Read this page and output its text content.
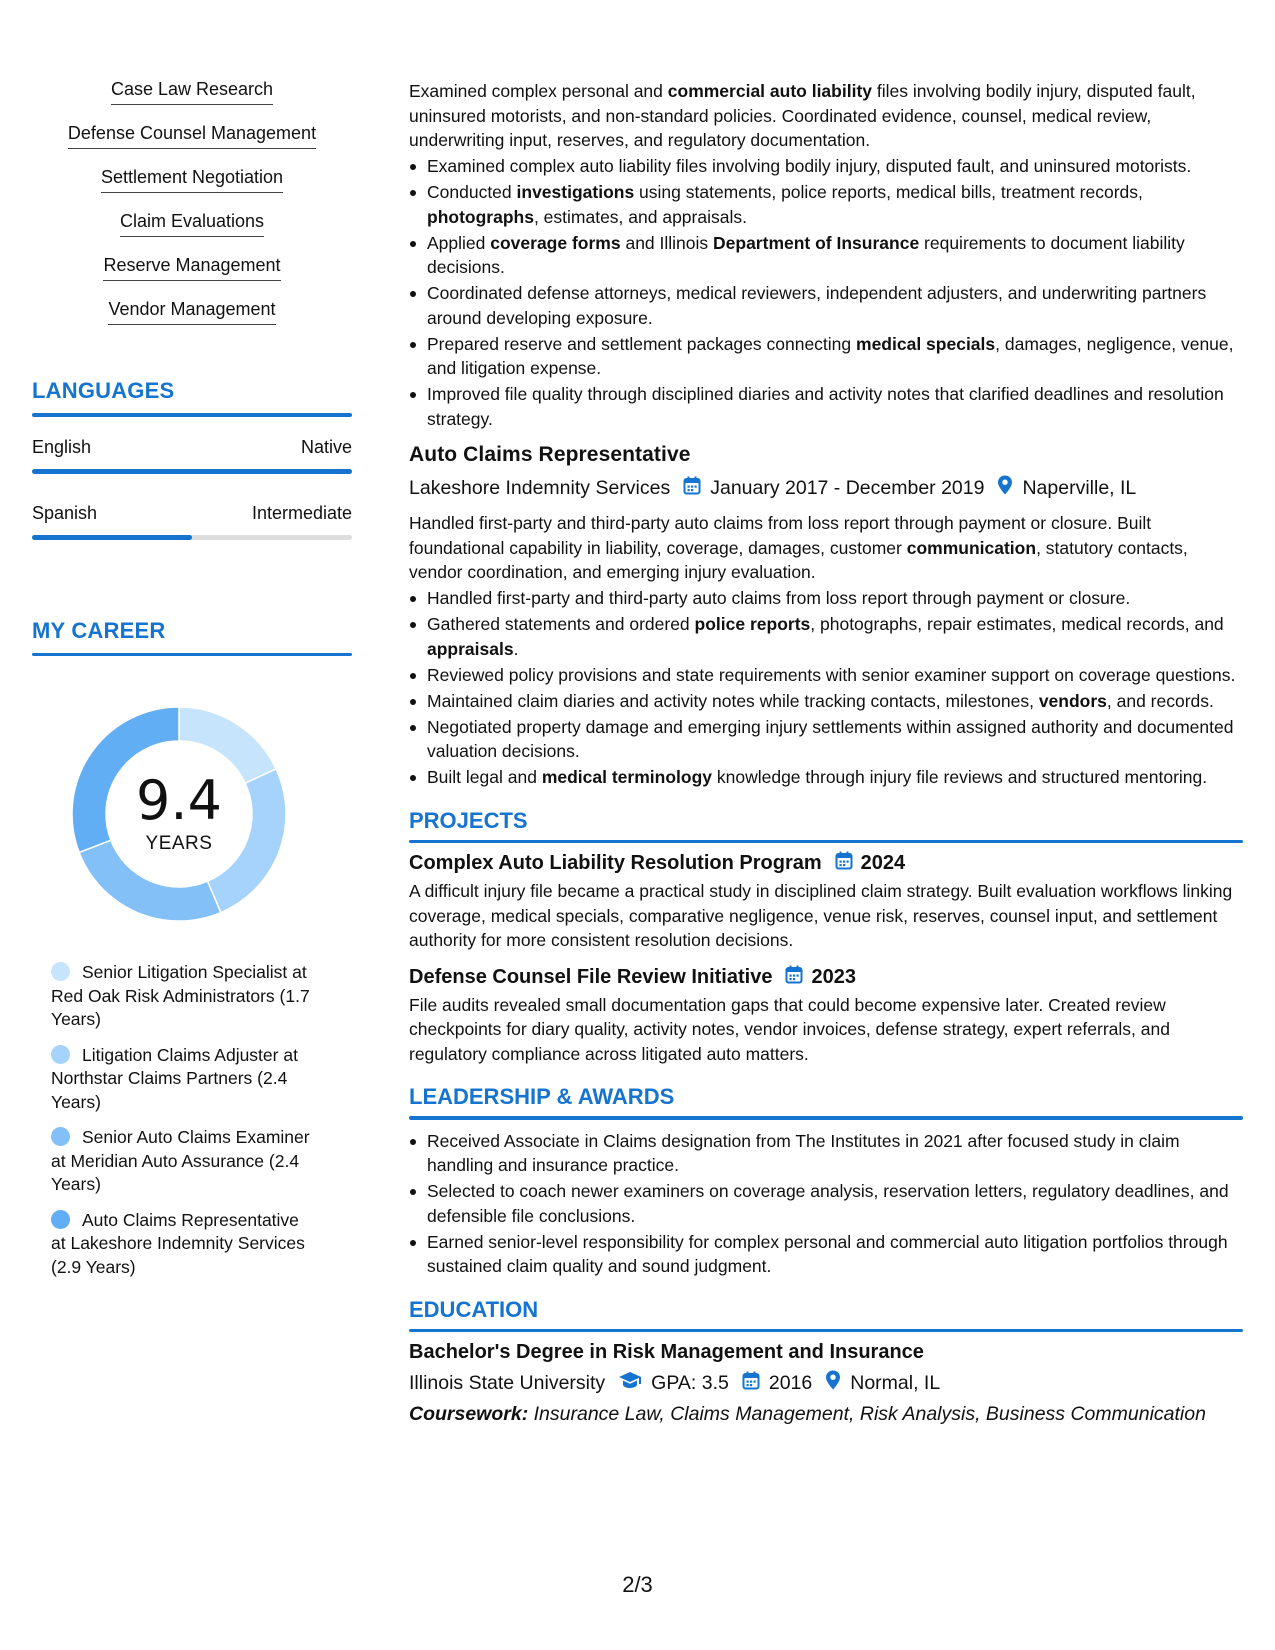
Case Law Research
Defense Counsel Management
Settlement Negotiation
Claim Evaluations
Reserve Management
Vendor Management
LANGUAGES
English	Native
Spanish	Intermediate
MY CAREER
9.4
YEARS
Senior Litigation Specialist at Red Oak Risk Administrators (1.7 Years)
Litigation Claims Adjuster at Northstar Claims Partners (2.4 Years)
Senior Auto Claims Examiner at Meridian Auto Assurance (2.4 Years)
Auto Claims Representative at Lakeshore Indemnity Services (2.9 Years)
Examined complex personal and commercial auto liability files involving bodily injury, disputed fault, uninsured motorists, and non-standard policies. Coordinated evidence, counsel, medical review, underwriting input, reserves, and regulatory documentation.
Examined complex auto liability files involving bodily injury, disputed fault, and uninsured motorists.
Conducted investigations using statements, police reports, medical bills, treatment records, photographs, estimates, and appraisals.
Applied coverage forms and Illinois Department of Insurance requirements to document liability decisions.
Coordinated defense attorneys, medical reviewers, independent adjusters, and underwriting partners around developing exposure.
Prepared reserve and settlement packages connecting medical specials, damages, negligence, venue, and litigation expense.
Improved file quality through disciplined diaries and activity notes that clarified deadlines and resolution strategy.
Auto Claims Representative
Lakeshore Indemnity Services January 2017 - December 2019 Naperville, IL
Handled first-party and third-party auto claims from loss report through payment or closure. Built foundational capability in liability, coverage, damages, customer communication, statutory contacts, vendor coordination, and emerging injury evaluation.
Handled first-party and third-party auto claims from loss report through payment or closure.
Gathered statements and ordered police reports, photographs, repair estimates, medical records, and appraisals.
Reviewed policy provisions and state requirements with senior examiner support on coverage questions.
Maintained claim diaries and activity notes while tracking contacts, milestones, vendors, and records.
Negotiated property damage and emerging injury settlements within assigned authority and documented valuation decisions.
Built legal and medical terminology knowledge through injury file reviews and structured mentoring.
PROJECTS
Complex Auto Liability Resolution Program 2024
A difficult injury file became a practical study in disciplined claim strategy. Built evaluation workflows linking coverage, medical specials, comparative negligence, venue risk, reserves, counsel input, and settlement authority for more consistent resolution decisions.
Defense Counsel File Review Initiative 2023
File audits revealed small documentation gaps that could become expensive later. Created review checkpoints for diary quality, activity notes, vendor invoices, defense strategy, expert referrals, and regulatory compliance across litigated auto matters.
LEADERSHIP & AWARDS
Received Associate in Claims designation from The Institutes in 2021 after focused study in claim handling and insurance practice.
Selected to coach newer examiners on coverage analysis, reservation letters, regulatory deadlines, and defensible file conclusions.
Earned senior-level responsibility for complex personal and commercial auto litigation portfolios through sustained claim quality and sound judgment.
EDUCATION
Bachelor's Degree in Risk Management and Insurance
Illinois State University GPA: 3.5 2016 Normal, IL
Coursework: Insurance Law, Claims Management, Risk Analysis, Business Communication
2/3
